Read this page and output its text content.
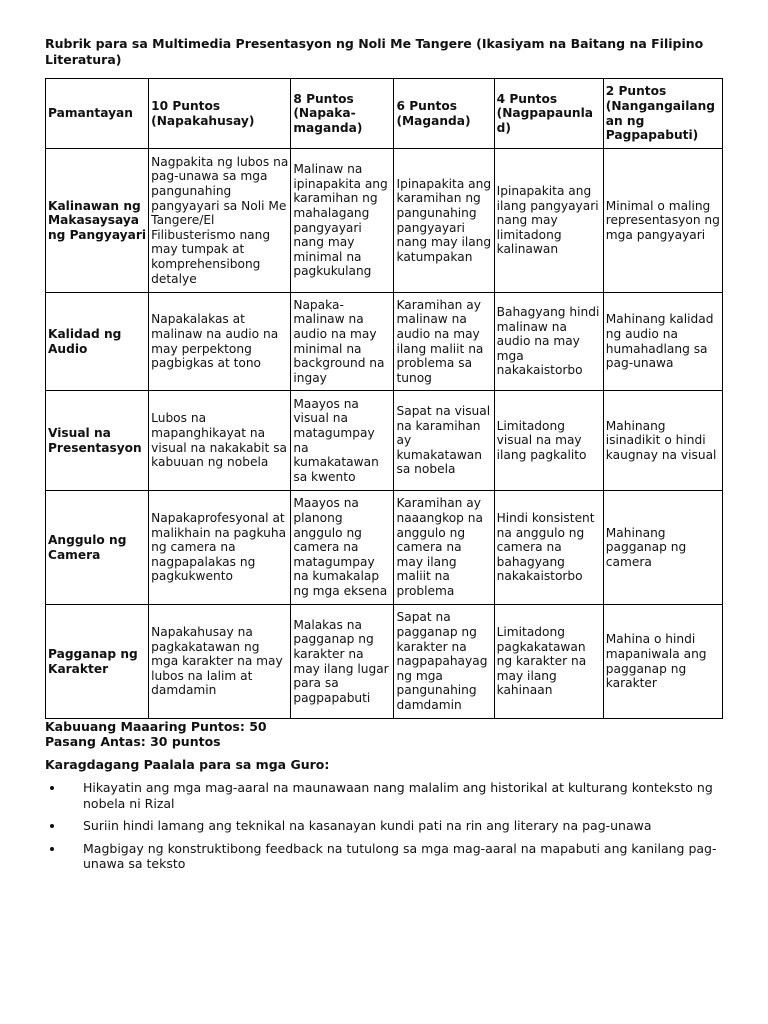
Rubrik para sa Multimedia Presentasyon ng Noli Me Tangere (Ikasiyam na Baitang na Filipino Literatura)
Pamantayan	10 Puntos (Napakahusay)	8 Puntos (Napaka-maganda)	6 Puntos (Maganda)	4 Puntos (Nagpapaunlad)	2 Puntos (Nangangailangan ng Pagpapabuti)
Kalinawan ng Makasaysayang Pangyayari	Nagpakita ng lubos na pag-unawa sa mga pangunahing pangyayari sa Noli Me Tangere/El Filibusterismo nang may tumpak at komprehensibong detalye	Malinaw na ipinapakita ang karamihan ng mahalagang pangyayari nang may minimal na pagkukulang	Ipinapakita ang karamihan ng pangunahing pangyayari nang may ilang katumpakan	Ipinapakita ang ilang pangyayari nang may limitadong kalinawan	Minimal o maling representasyon ng mga pangyayari
Kalidad ng Audio	Napakalakas at malinaw na audio na may perpektong pagbigkas at tono	Napaka-malinaw na audio na may minimal na background na ingay	Karamihan ay malinaw na audio na may ilang maliit na problema sa tunog	Bahagyang hindi malinaw na audio na may mga nakakaistorbo	Mahinang kalidad ng audio na humahadlang sa pag-unawa
Visual na Presentasyon	Lubos na mapanghikayat na visual na nakakabit sa kabuuan ng nobela	Maayos na visual na matagumpay na kumakatawan sa kwento	Sapat na visual na karamihan ay kumakatawan sa nobela	Limitadong visual na may ilang pagkalito	Mahinang isinadikit o hindi kaugnay na visual
Anggulo ng Camera	Napakaprofesyonal at malikhain na pagkuha ng camera na nagpapalakas ng pagkukwento	Maayos na planong anggulo ng camera na matagumpay na kumakalap ng mga eksena	Karamihan ay naaangkop na anggulo ng camera na may ilang maliit na problema	Hindi konsistent na anggulo ng camera na bahagyang nakakaistorbo	Mahinang pagganap ng camera
Pagganap ng Karakter	Napakahusay na pagkakatawan ng mga karakter na may lubos na lalim at damdamin	Malakas na pagganap ng karakter na may ilang lugar para sa pagpapabuti	Sapat na pagganap ng karakter na nagpapahayag ng mga pangunahing damdamin	Limitadong pagkakatawan ng karakter na may ilang kahinaan	Mahina o hindi mapaniwala ang pagganap ng karakter
Kabuuang Maaaring Puntos: 50
Pasang Antas: 30 puntos
Karagdagang Paalala para sa mga Guro:
• Hikayatin ang mga mag-aaral na maunawaan nang malalim ang historikal at kulturang konteksto ng nobela ni Rizal
• Suriin hindi lamang ang teknikal na kasanayan kundi pati na rin ang literary na pag-unawa
• Magbigay ng konstruktibong feedback na tutulong sa mga mag-aaral na mapabuti ang kanilang pag-unawa sa teksto
